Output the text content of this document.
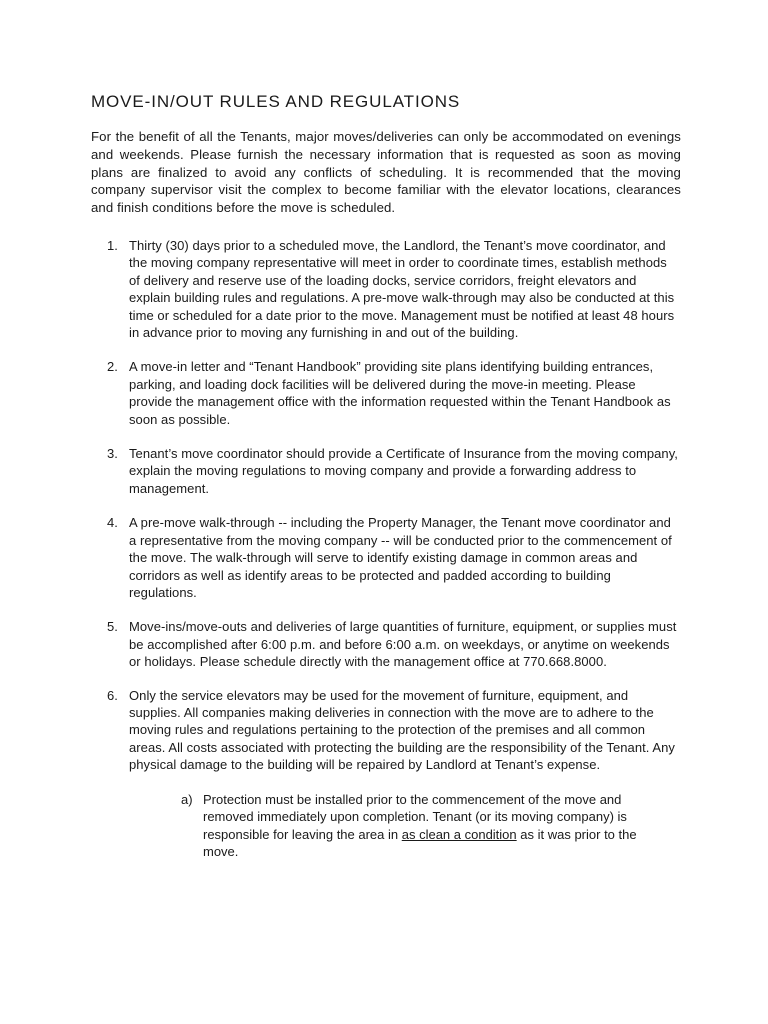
MOVE-IN/OUT RULES AND REGULATIONS

For the benefit of all the Tenants, major moves/deliveries can only be accommodated on evenings and weekends. Please furnish the necessary information that is requested as soon as moving plans are finalized to avoid any conflicts of scheduling. It is recommended that the moving company supervisor visit the complex to become familiar with the elevator locations, clearances and finish conditions before the move is scheduled.

1. Thirty (30) days prior to a scheduled move, the Landlord, the Tenant’s move coordinator, and the moving company representative will meet in order to coordinate times, establish methods of delivery and reserve use of the loading docks, service corridors, freight elevators and explain building rules and regulations. A pre-move walk-through may also be conducted at this time or scheduled for a date prior to the move. Management must be notified at least 48 hours in advance prior to moving any furnishing in and out of the building.
2. A move-in letter and “Tenant Handbook” providing site plans identifying building entrances, parking, and loading dock facilities will be delivered during the move-in meeting. Please provide the management office with the information requested within the Tenant Handbook as soon as possible.
3. Tenant’s move coordinator should provide a Certificate of Insurance from the moving company, explain the moving regulations to moving company and provide a forwarding address to management.
4. A pre-move walk-through -- including the Property Manager, the Tenant move coordinator and a representative from the moving company -- will be conducted prior to the commencement of the move. The walk-through will serve to identify existing damage in common areas and corridors as well as identify areas to be protected and padded according to building regulations.
5. Move-ins/move-outs and deliveries of large quantities of furniture, equipment, or supplies must be accomplished after 6:00 p.m. and before 6:00 a.m. on weekdays, or anytime on weekends or holidays. Please schedule directly with the management office at 770.668.8000.
6. Only the service elevators may be used for the movement of furniture, equipment, and supplies. All companies making deliveries in connection with the move are to adhere to the moving rules and regulations pertaining to the protection of the premises and all common areas. All costs associated with protecting the building are the responsibility of the Tenant. Any physical damage to the building will be repaired by Landlord at Tenant’s expense.
a) Protection must be installed prior to the commencement of the move and removed immediately upon completion. Tenant (or its moving company) is responsible for leaving the area in as clean a condition as it was prior to the move.
